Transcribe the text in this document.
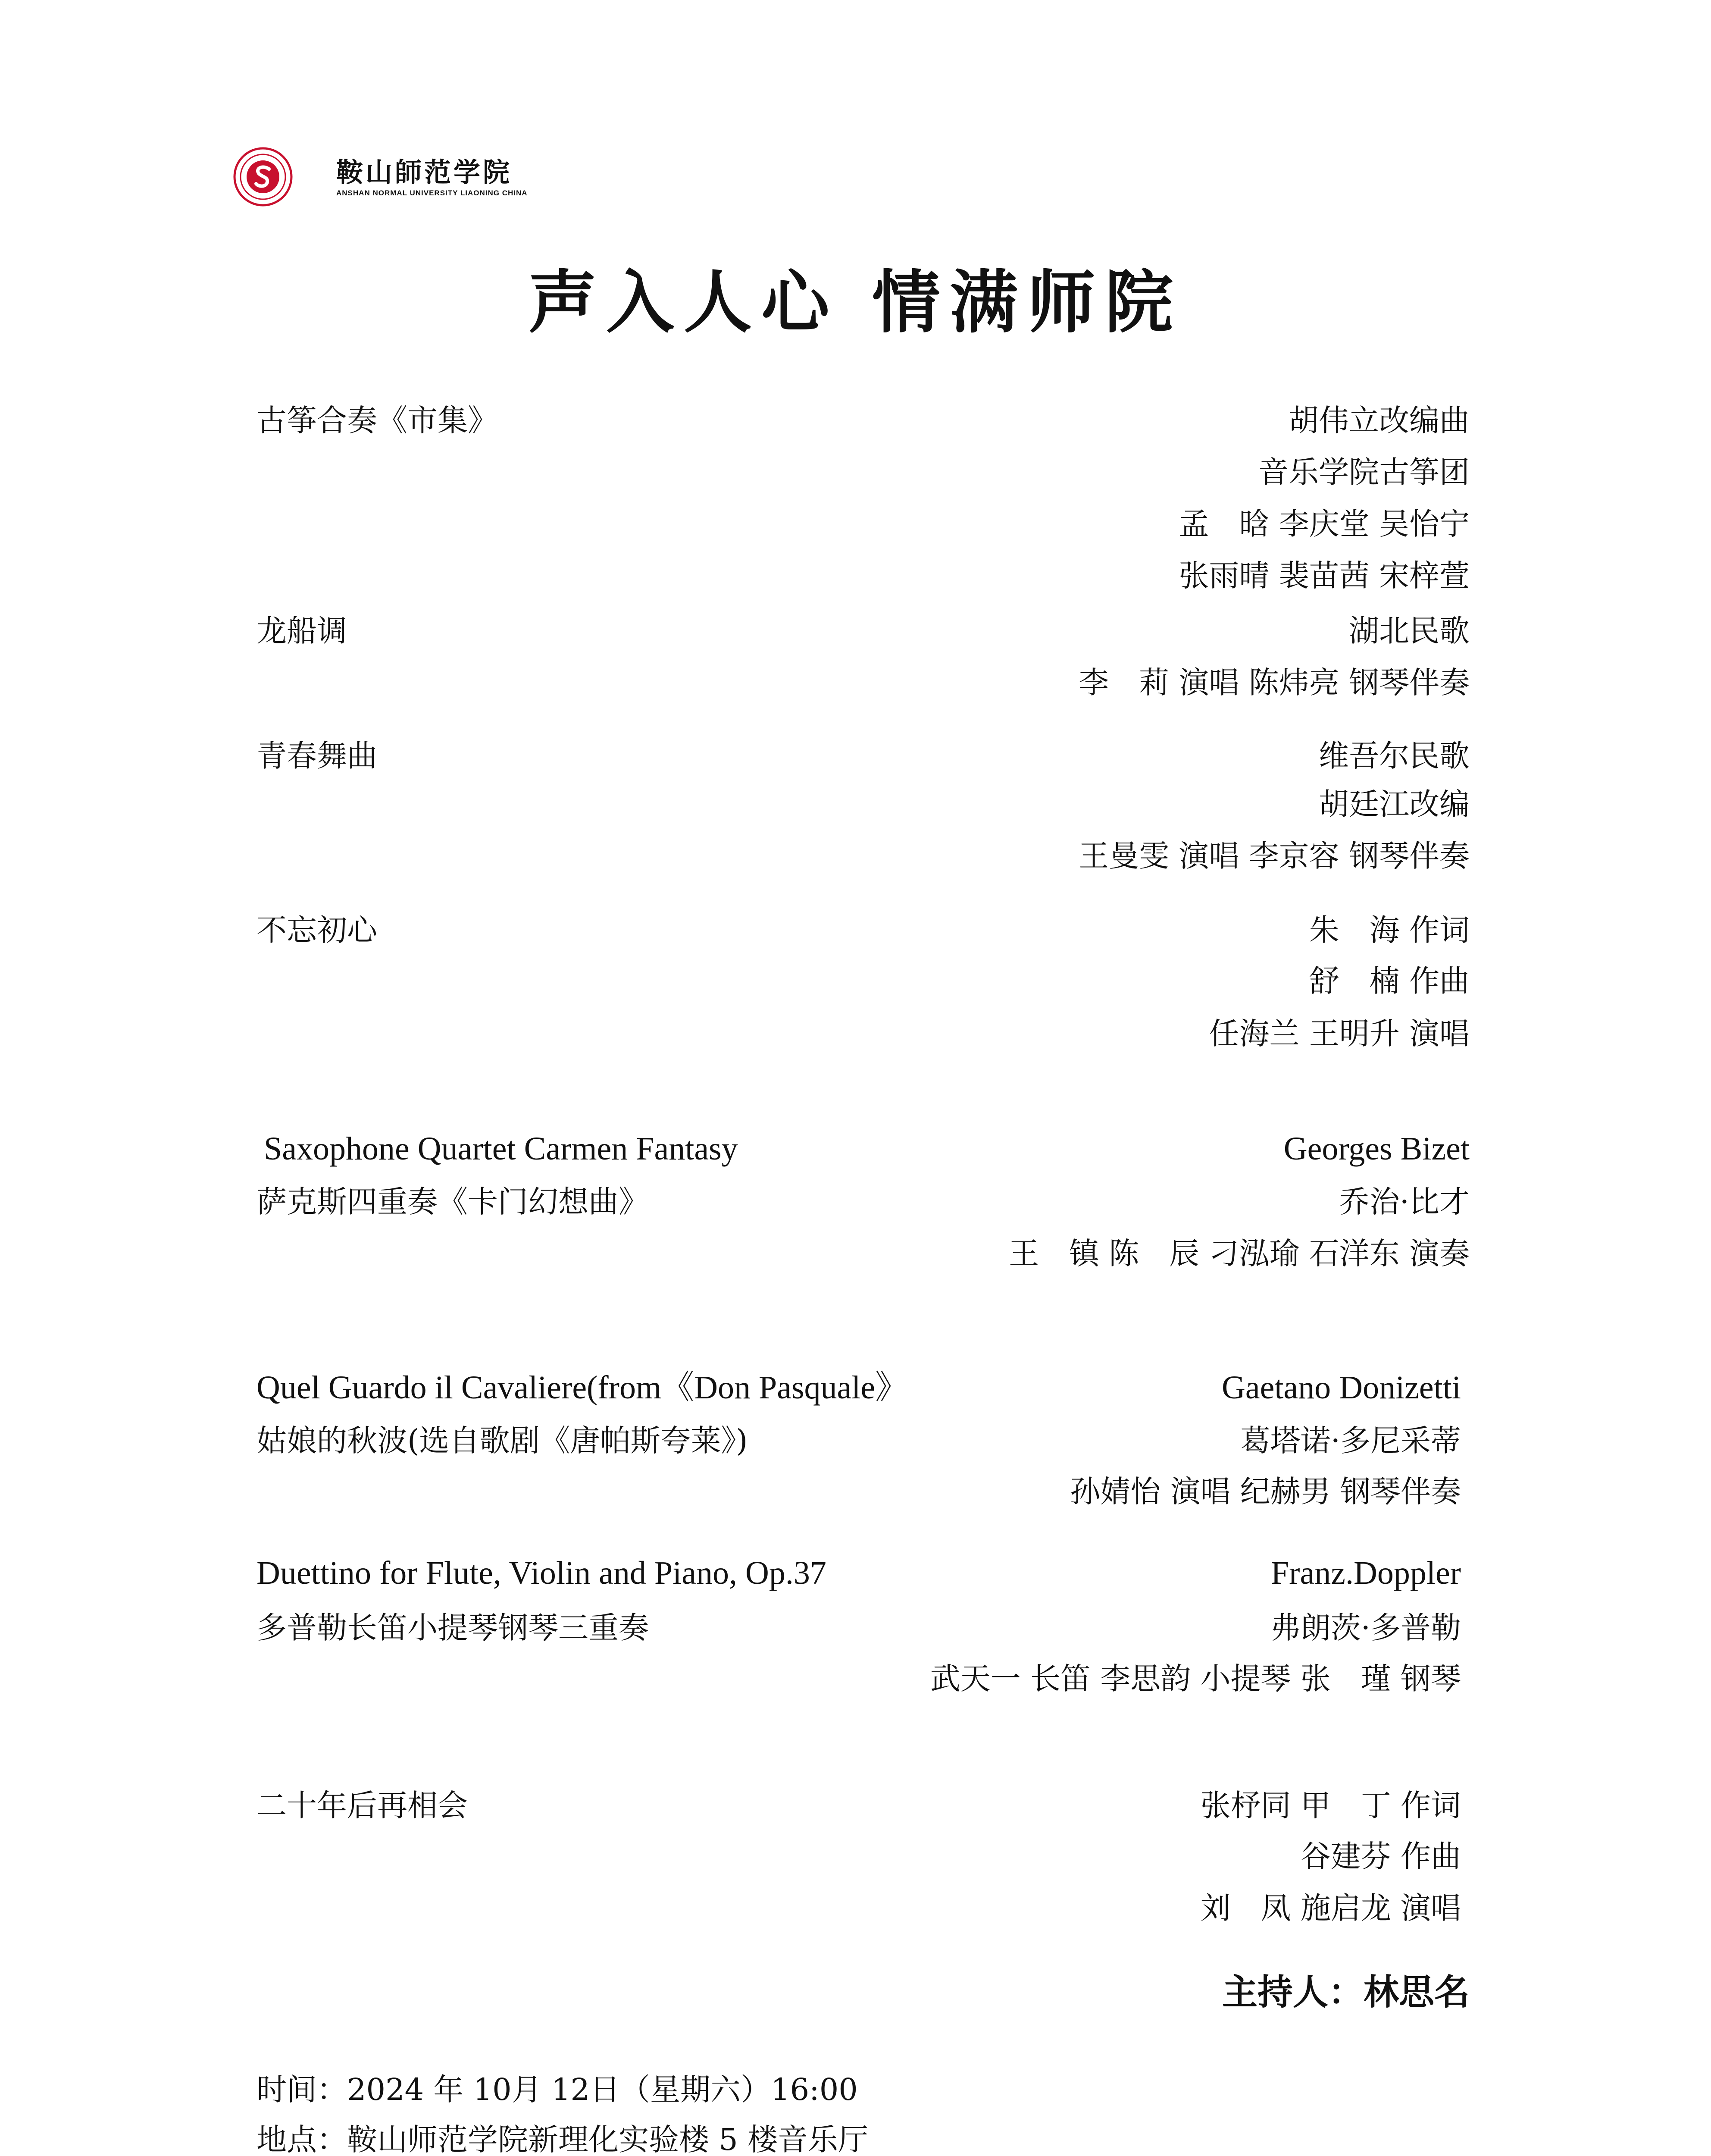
鞍山師范学院
ANSHAN NORMAL UNIVERSITY LIAONING CHINA
声入人心 情满师院
古筝合奏《市集》	胡伟立改编曲
音乐学院古筝团
孟　晗 李庆堂 吴怡宁
张雨晴 裴苗茜 宋梓萱
龙船调	湖北民歌
李　莉 演唱 陈炜亮 钢琴伴奏
青春舞曲	维吾尔民歌
胡廷江改编
王曼雯 演唱 李京容 钢琴伴奏
不忘初心	朱　海 作词
舒　楠 作曲
任海兰 王明升 演唱
Saxophone Quartet Carmen Fantasy	Georges Bizet
萨克斯四重奏《卡门幻想曲》	乔治·比才
王　镇 陈　辰 刁泓瑜 石洋东 演奏
Quel Guardo il Cavaliere(from《Don Pasquale》	Gaetano Donizetti
姑娘的秋波(选自歌剧《唐帕斯夸莱》)	葛塔诺·多尼采蒂
孙婧怡 演唱 纪赫男 钢琴伴奏
Duettino for Flute, Violin and Piano, Op.37	Franz.Doppler
多普勒长笛小提琴钢琴三重奏	弗朗茨·多普勒
武天一 长笛 李思韵 小提琴 张　瑾 钢琴
二十年后再相会	张杼同 甲　丁 作词
谷建芬 作曲
刘　凤 施启龙 演唱
主持人：林思名
时间：2024 年 10月 12日（星期六）16:00
地点：鞍山师范学院新理化实验楼 5 楼音乐厅
